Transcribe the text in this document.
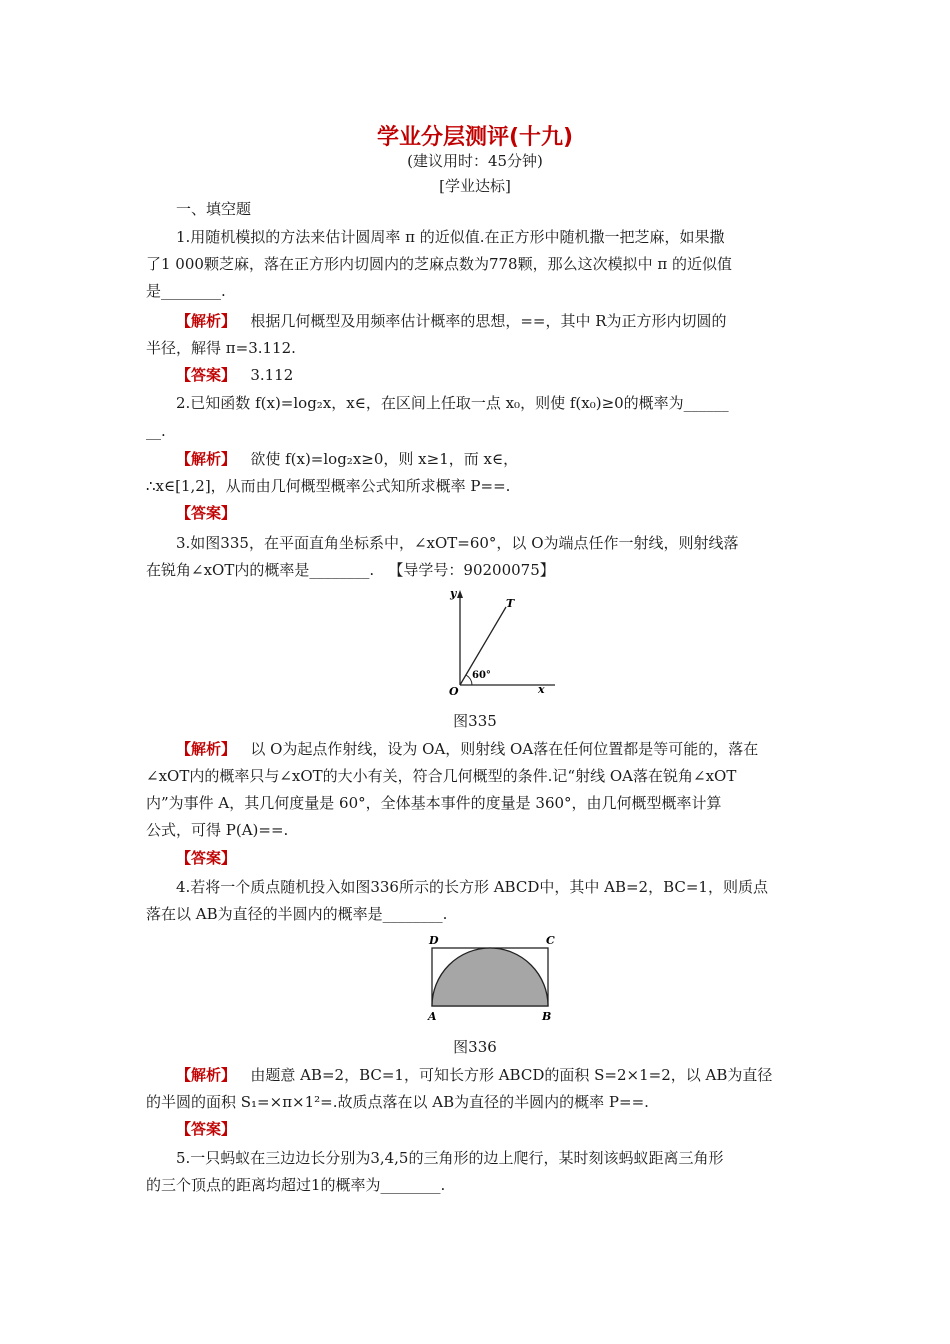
学业分层测评(十九)
(建议用时：45分钟)
[学业达标]
一、填空题
1.用随机模拟的方法来估计圆周率 π 的近似值.在正方形中随机撒一把芝麻，如果撒
了1 000颗芝麻，落在正方形内切圆内的芝麻点数为778颗，那么这次模拟中 π 的近似值
是________.
【解析】 根据几何概型及用频率估计概率的思想，==，其中 R为正方形内切圆的
半径，解得 π=3.112.
【答案】 3.112
2.已知函数 f(x)=log₂x，x∈，在区间上任取一点 x₀，则使 f(x₀)≥0的概率为______
__.
【解析】 欲使 f(x)=log₂x≥0，则 x≥1，而 x∈，
∴x∈[1,2]，从而由几何概型概率公式知所求概率 P==.
【答案】
3.如图335，在平面直角坐标系中，∠xOT=60°，以 O为端点任作一射线，则射线落
在锐角∠xOT内的概率是________. 【导学号：90200075】
y
T
O	x
60°
图335
【解析】 以 O为起点作射线，设为 OA，则射线 OA落在任何位置都是等可能的，落在
∠xOT内的概率只与∠xOT的大小有关，符合几何概型的条件.记“射线 OA落在锐角∠xOT
内”为事件 A，其几何度量是 60°，全体基本事件的度量是 360°，由几何概型概率计算
公式，可得 P(A)==.
【答案】
4.若将一个质点随机投入如图336所示的长方形 ABCD中，其中 AB=2，BC=1，则质点
落在以 AB为直径的半圆内的概率是________.
D	C
A	B
图336
【解析】 由题意 AB=2，BC=1，可知长方形 ABCD的面积 S=2×1=2，以 AB为直径
的半圆的面积 S₁=×π×1²=.故质点落在以 AB为直径的半圆内的概率 P==.
【答案】
5.一只蚂蚁在三边边长分别为3,4,5的三角形的边上爬行，某时刻该蚂蚁距离三角形
的三个顶点的距离均超过1的概率为________.
